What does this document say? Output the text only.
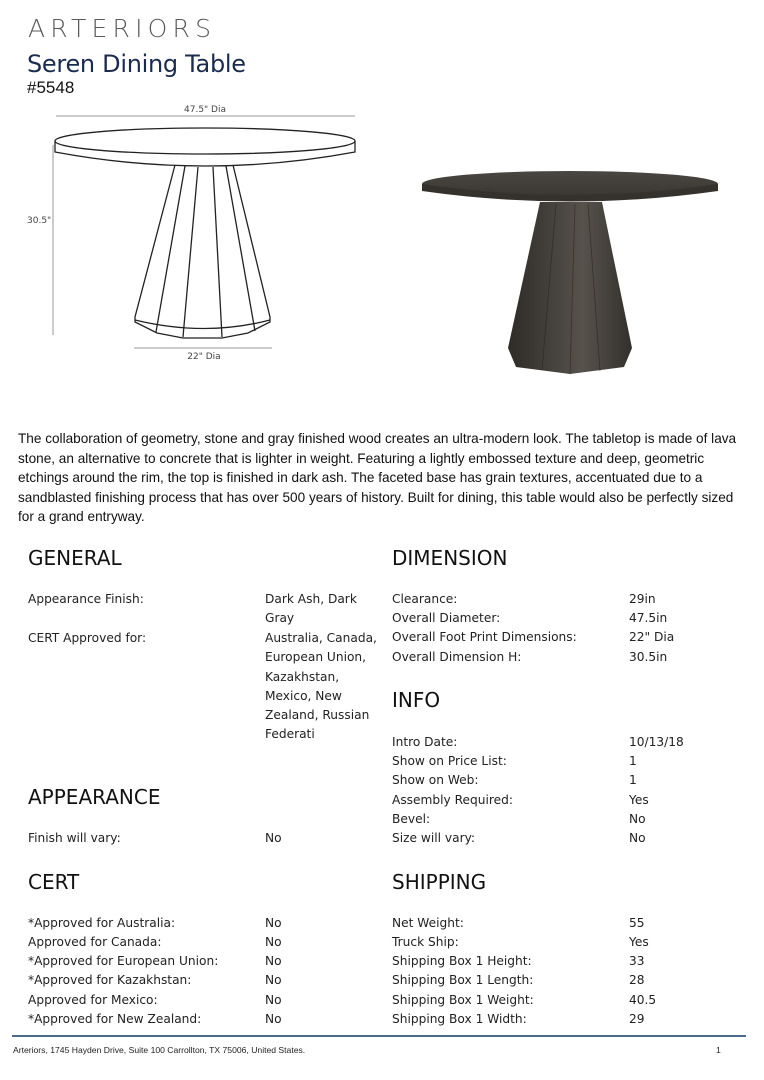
ARTERIORS
Seren Dining Table
#5548
47.5" Dia
30.5"
22" Dia

The collaboration of geometry, stone and gray finished wood creates an ultra-modern look. The tabletop is made of lava stone, an alternative to concrete that is lighter in weight. Featuring a lightly embossed texture and deep, geometric etchings around the rim, the top is finished in dark ash. The faceted base has grain textures, accentuated due to a sandblasted finishing process that has over 500 years of history. Built for dining, this table would also be perfectly sized for a grand entryway.

GENERAL
Appearance Finish:	Dark Ash, Dark Gray
CERT Approved for:	Australia, Canada, European Union, Kazakhstan, Mexico, New Zealand, Russian Federati
APPEARANCE
Finish will vary:	No
CERT
*Approved for Australia:	No
Approved for Canada:	No
*Approved for European Union:	No
*Approved for Kazakhstan:	No
Approved for Mexico:	No
*Approved for New Zealand:	No
DIMENSION
Clearance:	29in
Overall Diameter:	47.5in
Overall Foot Print Dimensions:	22" Dia
Overall Dimension H:	30.5in
INFO
Intro Date:	10/13/18
Show on Price List:	1
Show on Web:	1
Assembly Required:	Yes
Bevel:	No
Size will vary:	No
SHIPPING
Net Weight:	55
Truck Ship:	Yes
Shipping Box 1 Height:	33
Shipping Box 1 Length:	28
Shipping Box 1 Weight:	40.5
Shipping Box 1 Width:	29
Arteriors, 1745 Hayden Drive, Suite 100 Carrollton, TX 75006, United States.	1
